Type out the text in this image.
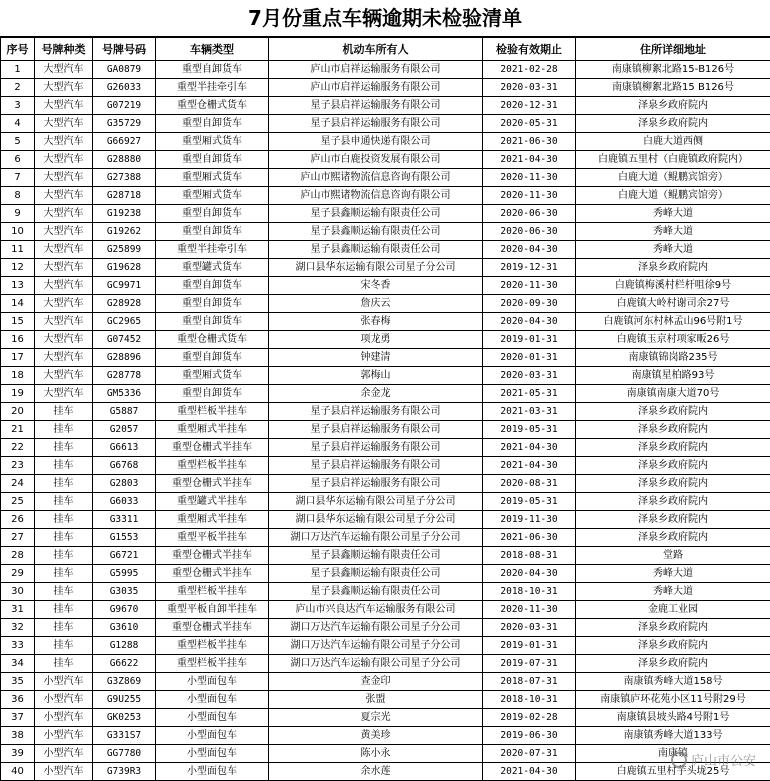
7月份重点车辆逾期未检验清单
序号	号牌种类	号牌号码	车辆类型	机动车所有人	检验有效期止	住所详细地址
1	大型汽车	GA0879	重型自卸货车	庐山市启祥运输服务有限公司	2021-02-28	南康镇柳絮北路15-B126号
2	大型汽车	G26033	重型半挂牵引车	庐山市启祥运输服务有限公司	2020-03-31	南康镇柳絮北路15 B126号
3	大型汽车	G07219	重型仓栅式货车	星子县启祥运输服务有限公司	2020-12-31	泽泉乡政府院内
4	大型汽车	G35729	重型自卸货车	星子县启祥运输服务有限公司	2020-05-31	泽泉乡政府院内
5	大型汽车	G66927	重型厢式货车	星子县申通快递有限公司	2021-06-30	白鹿大道西侧
6	大型汽车	G28880	重型自卸货车	庐山市白鹿投资发展有限公司	2021-04-30	白鹿镇五里村（白鹿镇政府院内）
7	大型汽车	G27388	重型厢式货车	庐山市熙诸物流信息咨询有限公司	2020-11-30	白鹿大道（鲲鹏宾馆旁）
8	大型汽车	G28718	重型厢式货车	庐山市熙诸物流信息咨询有限公司	2020-11-30	白鹿大道（鲲鹏宾馆旁）
9	大型汽车	G19238	重型自卸货车	星子县鑫顺运输有限责任公司	2020-06-30	秀峰大道
10	大型汽车	G19262	重型自卸货车	星子县鑫顺运输有限责任公司	2020-06-30	秀峰大道
11	大型汽车	G25899	重型半挂牵引车	星子县鑫顺运输有限责任公司	2020-04-30	秀峰大道
12	大型汽车	G19628	重型罐式货车	湖口县华东运输有限公司星子分公司	2019-12-31	泽泉乡政府院内
13	大型汽车	GC9971	重型自卸货车	宋冬香	2020-11-30	白鹿镇梅溪村栏杆咀徐9号
14	大型汽车	G28928	重型自卸货车	詹庆云	2020-09-30	白鹿镇大岭村谢司余27号
15	大型汽车	GC2965	重型自卸货车	张春梅	2020-04-30	白鹿镇河东村林孟山96号附1号
16	大型汽车	G07452	重型仓栅式货车	项龙勇	2019-01-31	白鹿镇玉京村项家畈26号
17	大型汽车	G28896	重型自卸货车	钟建清	2020-01-31	南康镇锦岗路235号
18	大型汽车	G28778	重型厢式货车	郭梅山	2020-03-31	南康镇星柏路93号
19	大型汽车	GM5336	重型自卸货车	余金龙	2021-05-31	南康镇南康大道70号
20	挂车	G5887	重型栏板半挂车	星子县启祥运输服务有限公司	2021-03-31	泽泉乡政府院内
21	挂车	G2057	重型厢式半挂车	星子县启祥运输服务有限公司	2019-05-31	泽泉乡政府院内
22	挂车	G6613	重型仓栅式半挂车	星子县启祥运输服务有限公司	2021-04-30	泽泉乡政府院内
23	挂车	G6768	重型栏板半挂车	星子县启祥运输服务有限公司	2021-04-30	泽泉乡政府院内
24	挂车	G2803	重型仓栅式半挂车	星子县启祥运输服务有限公司	2020-08-31	泽泉乡政府院内
25	挂车	G6033	重型罐式半挂车	湖口县华东运输有限公司星子分公司	2019-05-31	泽泉乡政府院内
26	挂车	G3311	重型厢式半挂车	湖口县华东运输有限公司星子分公司	2019-11-30	泽泉乡政府院内
27	挂车	G1553	重型平板半挂车	湖口万达汽车运输有限公司星子分公司	2021-06-30	泽泉乡政府院内
28	挂车	G6721	重型仓栅式半挂车	星子县鑫顺运输有限责任公司	2018-08-31	堂路
29	挂车	G5995	重型仓栅式半挂车	星子县鑫顺运输有限责任公司	2020-04-30	秀峰大道
30	挂车	G3035	重型栏板半挂车	星子县鑫顺运输有限责任公司	2018-10-31	秀峰大道
31	挂车	G9670	重型平板自卸半挂车	庐山市兴良达汽车运输服务有限公司	2020-11-30	金鹿工业园
32	挂车	G3610	重型仓栅式半挂车	湖口万达汽车运输有限公司星子分公司	2020-03-31	泽泉乡政府院内
33	挂车	G1288	重型栏板半挂车	湖口万达汽车运输有限公司星子分公司	2019-01-31	泽泉乡政府院内
34	挂车	G6622	重型栏板半挂车	湖口万达汽车运输有限公司星子分公司	2019-07-31	泽泉乡政府院内
35	小型汽车	G3Z869	小型面包车	查金印	2018-07-31	南康镇秀峰大道158号
36	小型汽车	G9U255	小型面包车	张盟	2018-10-31	南康镇庐环花苑小区11号附29号
37	小型汽车	GK0253	小型面包车	夏宗光	2019-02-28	南康镇县坡头路4号附1号
38	小型汽车	G331S7	小型面包车	黄美珍	2019-06-30	南康镇秀峰大道133号
39	小型汽车	GG7780	小型面包车	陈小永	2020-07-31	南康镇
40	小型汽车	G739R3	小型面包车	余水莲	2021-04-30	白鹿镇五里村芋头垅25号
庐山市公安
